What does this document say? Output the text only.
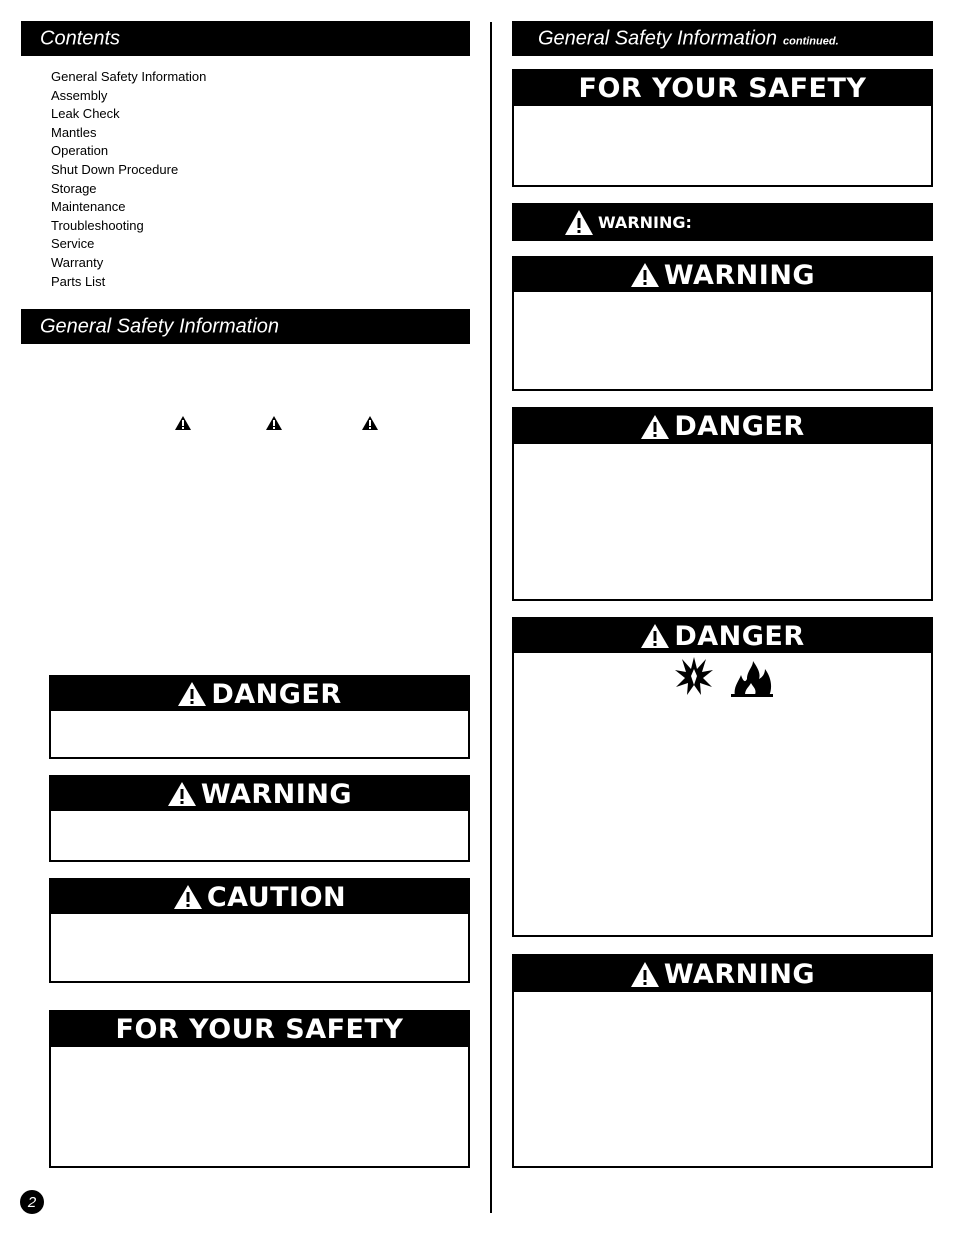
Contents
General Safety Information
Assembly
Leak Check
Mantles
Operation
Shut Down Procedure
Storage
Maintenance
Troubleshooting
Service
Warranty
Parts List
General Safety Information
DANGER
WARNING
CAUTION
FOR YOUR SAFETY
2
General Safety Information continued.
FOR YOUR SAFETY
WARNING:
WARNING
DANGER
DANGER
WARNING
